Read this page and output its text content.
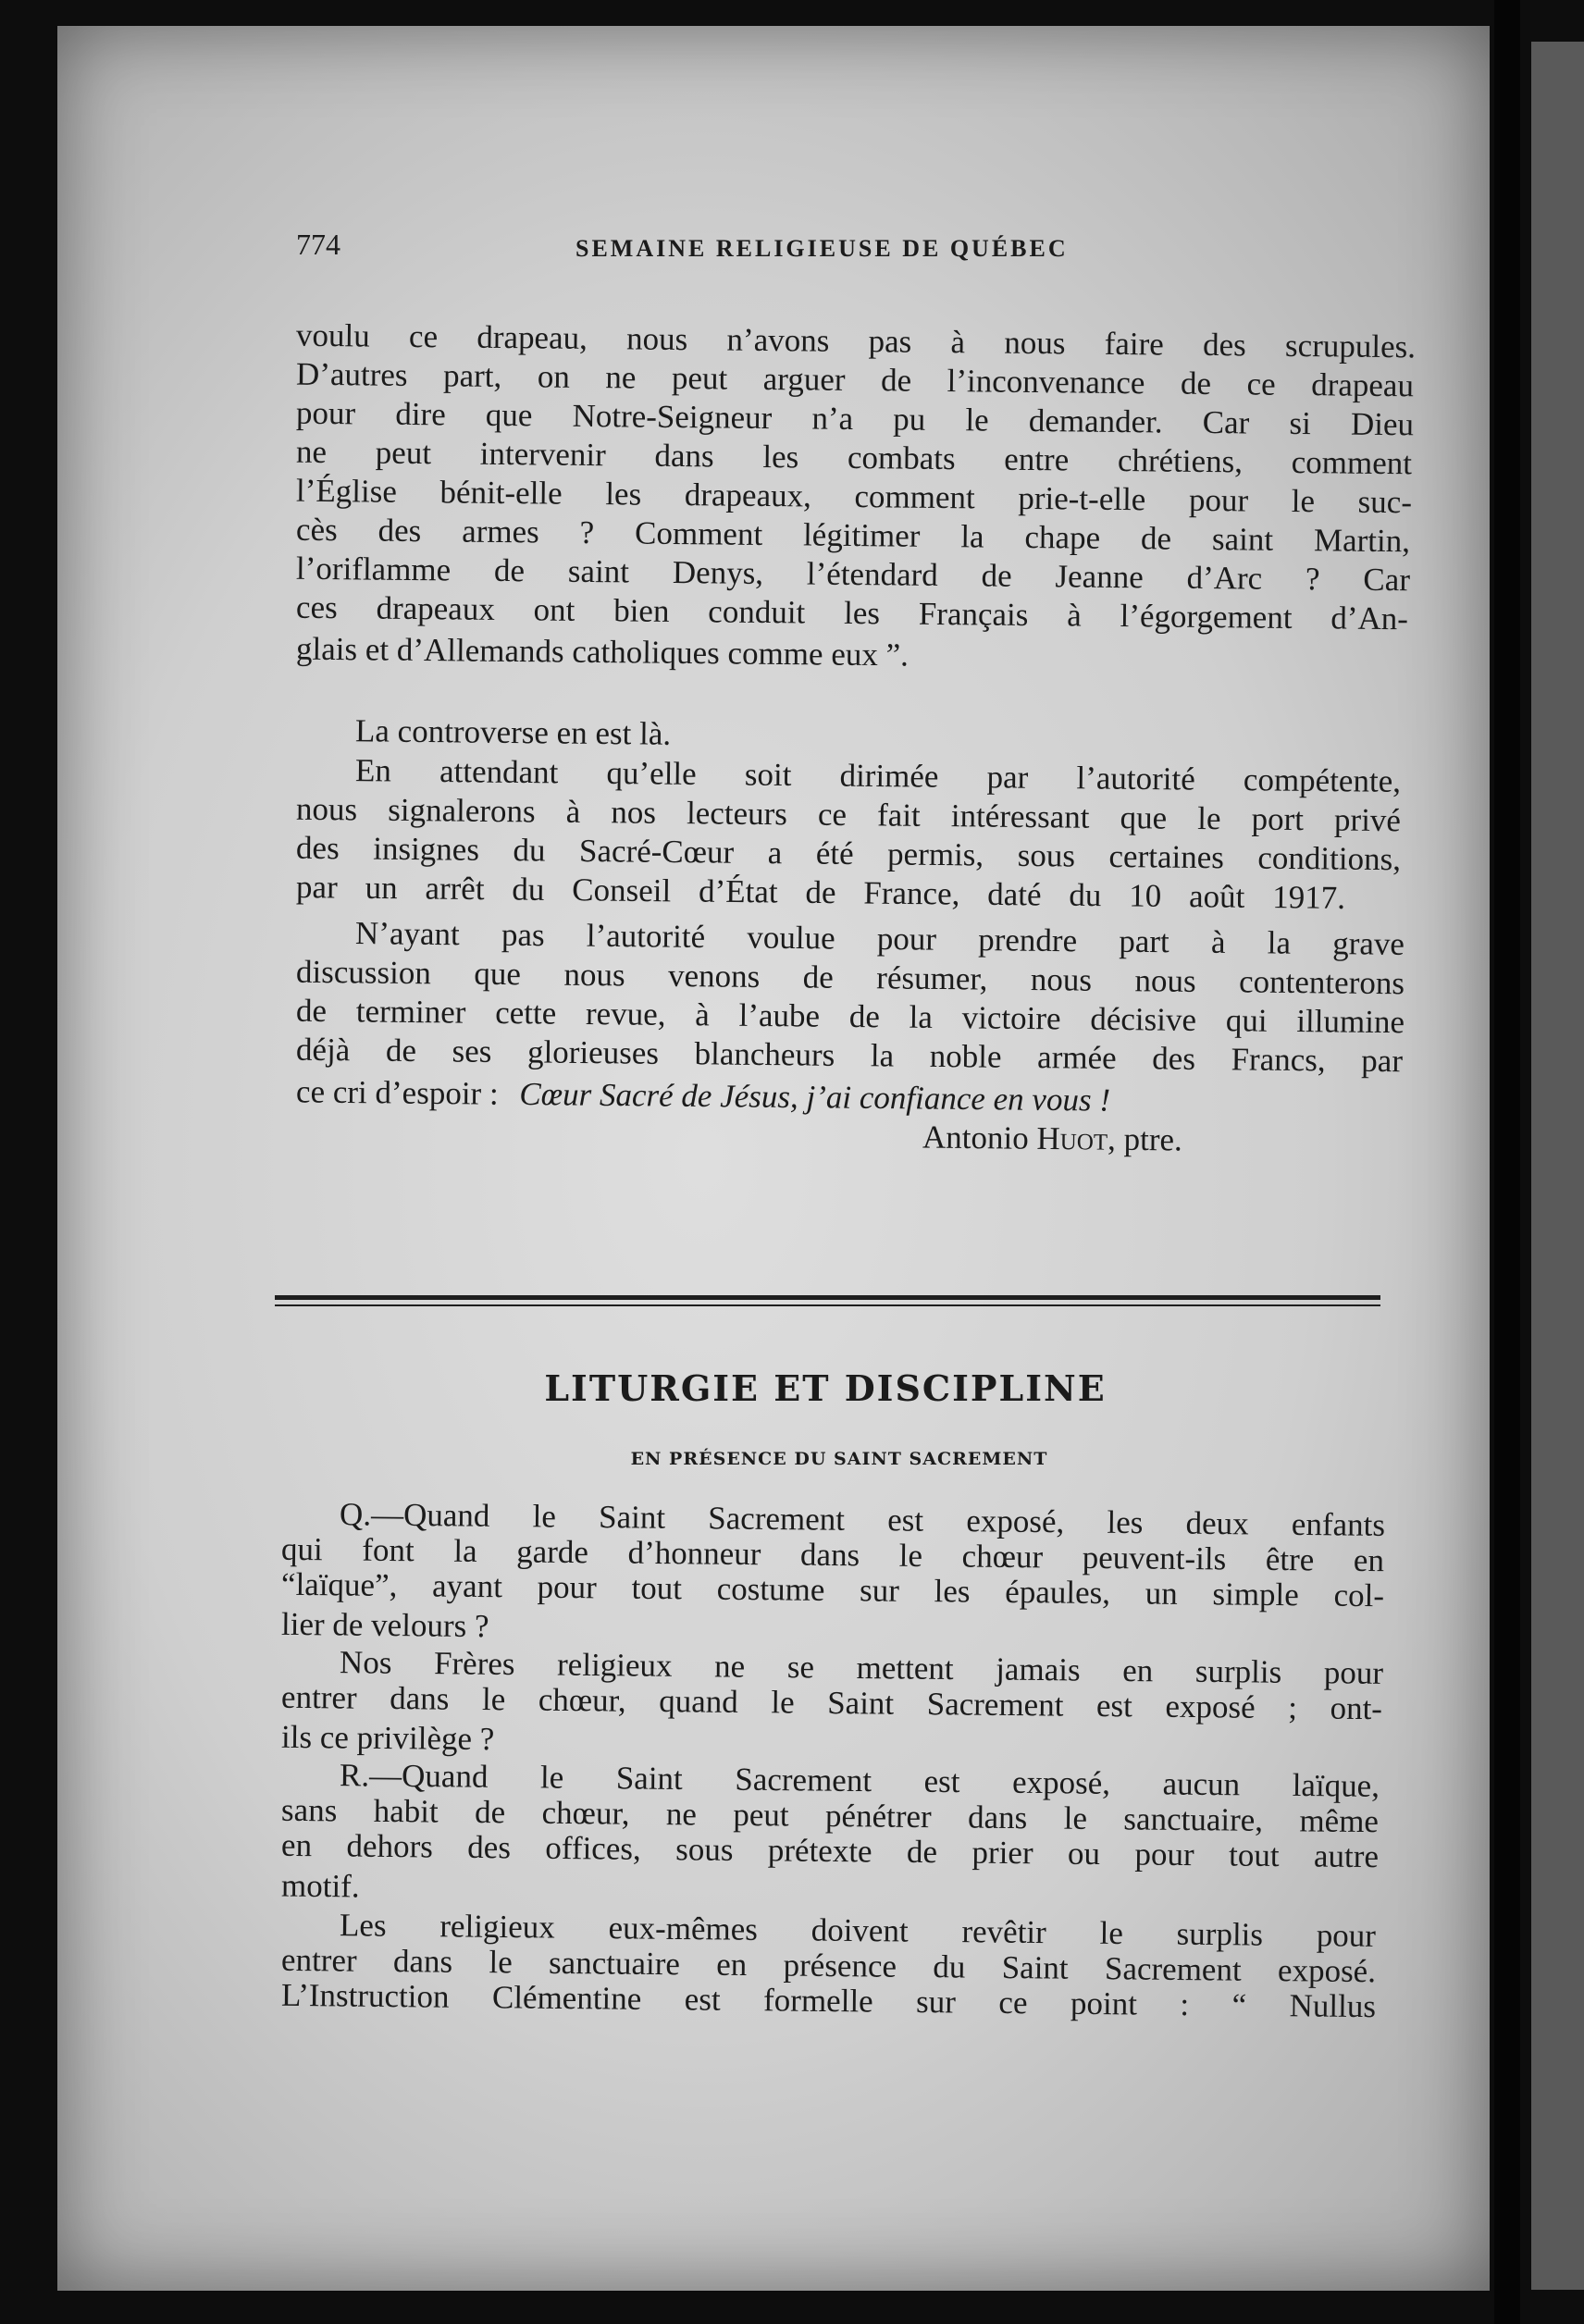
774	SEMAINE RELIGIEUSE DE QUÉBEC
voulu ce drapeau, nous n’avons pas à nous faire des scrupules.
D’autres part, on ne peut arguer de l’inconvenance de ce drapeau
pour dire que Notre-Seigneur n’a pu le demander. Car si Dieu
ne peut intervenir dans les combats entre chrétiens, comment
l’Église bénit-elle les drapeaux, comment prie-t-elle pour le suc-
cès des armes ? Comment légitimer la chape de saint Martin,
l’oriflamme de saint Denys, l’étendard de Jeanne d’Arc ? Car
ces drapeaux ont bien conduit les Français à l’égorgement d’An-
glais et d’Allemands catholiques comme eux ”.
La controverse en est là.
En attendant qu’elle soit dirimée par l’autorité compétente,
nous signalerons à nos lecteurs ce fait intéressant que le port privé
des insignes du Sacré-Cœur a été permis, sous certaines conditions,
par un arrêt du Conseil d’État de France, daté du 10 août 1917.
N’ayant pas l’autorité voulue pour prendre part à la grave
discussion que nous venons de résumer, nous nous contenterons
de terminer cette revue, à l’aube de la victoire décisive qui illumine
déjà de ses glorieuses blancheurs la noble armée des Francs, par
ce cri d’espoir : Cœur Sacré de Jésus, j’ai confiance en vous !
Antonio Huot, ptre.
LITURGIE ET DISCIPLINE
EN PRÉSENCE DU SAINT SACREMENT
Q.—Quand le Saint Sacrement est exposé, les deux enfants
qui font la garde d’honneur dans le chœur peuvent-ils être en
“laïque”, ayant pour tout costume sur les épaules, un simple col-
lier de velours ?
Nos Frères religieux ne se mettent jamais en surplis pour
entrer dans le chœur, quand le Saint Sacrement est exposé ; ont-
ils ce privilège ?
R.—Quand le Saint Sacrement est exposé, aucun laïque,
sans habit de chœur, ne peut pénétrer dans le sanctuaire, même
en dehors des offices, sous prétexte de prier ou pour tout autre
motif.
Les religieux eux-mêmes doivent revêtir le surplis pour
entrer dans le sanctuaire en présence du Saint Sacrement exposé.
L’Instruction Clémentine est formelle sur ce point : “ Nullus
